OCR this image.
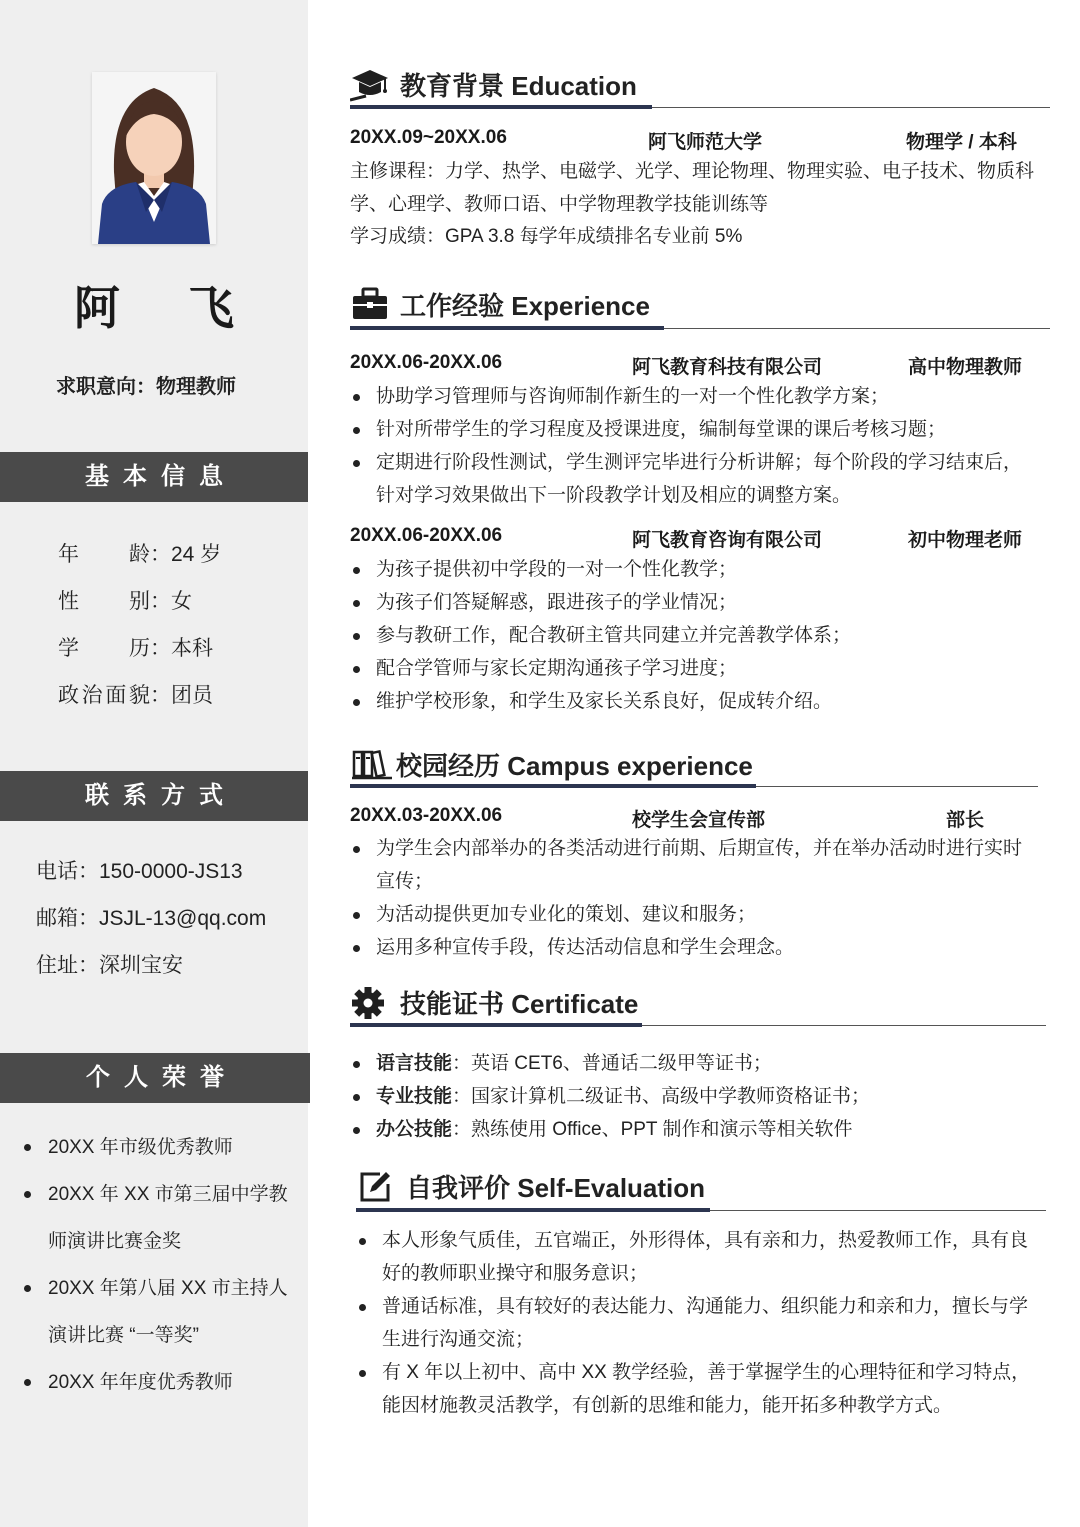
阿 飞
求职意向：物理教师
基本信息
年龄：24 岁
性别：女
学历：本科
政治面貌：团员
联系方式
电话：150-0000-JS13
邮箱：JSJL-13@qq.com
住址：深圳宝安
个人荣誉
20XX 年市级优秀教师
20XX 年 XX 市第三届中学教师演讲比赛金奖
20XX 年第八届 XX 市主持人演讲比赛 “一等奖”
20XX 年年度优秀教师
教育背景 Education
20XX.09~20XX.06	阿飞师范大学	物理学 / 本科
主修课程：力学、热学、电磁学、光学、理论物理、物理实验、电子技术、物质科学、心理学、教师口语、中学物理教学技能训练等
学习成绩：GPA 3.8 每学年成绩排名专业前 5%
工作经验 Experience
20XX.06-20XX.06	阿飞教育科技有限公司	高中物理教师
协助学习管理师与咨询师制作新生的一对一个性化教学方案；
针对所带学生的学习程度及授课进度，编制每堂课的课后考核习题；
定期进行阶段性测试，学生测评完毕进行分析讲解；每个阶段的学习结束后，针对学习效果做出下一阶段教学计划及相应的调整方案。
20XX.06-20XX.06	阿飞教育咨询有限公司	初中物理老师
为孩子提供初中学段的一对一个性化教学；
为孩子们答疑解惑，跟进孩子的学业情况；
参与教研工作，配合教研主管共同建立并完善教学体系；
配合学管师与家长定期沟通孩子学习进度；
维护学校形象，和学生及家长关系良好，促成转介绍。
校园经历 Campus experience
20XX.03-20XX.06	校学生会宣传部	部长
为学生会内部举办的各类活动进行前期、后期宣传，并在举办活动时进行实时宣传；
为活动提供更加专业化的策划、建议和服务；
运用多种宣传手段，传达活动信息和学生会理念。
技能证书 Certificate
语言技能：英语 CET6、普通话二级甲等证书；
专业技能：国家计算机二级证书、高级中学教师资格证书；
办公技能：熟练使用 Office、PPT 制作和演示等相关软件
自我评价 Self-Evaluation
本人形象气质佳，五官端正，外形得体，具有亲和力，热爱教师工作，具有良好的教师职业操守和服务意识；
普通话标准，具有较好的表达能力、沟通能力、组织能力和亲和力，擅长与学生进行沟通交流；
有 X 年以上初中、高中 XX 教学经验，善于掌握学生的心理特征和学习特点，能因材施教灵活教学，有创新的思维和能力，能开拓多种教学方式。
